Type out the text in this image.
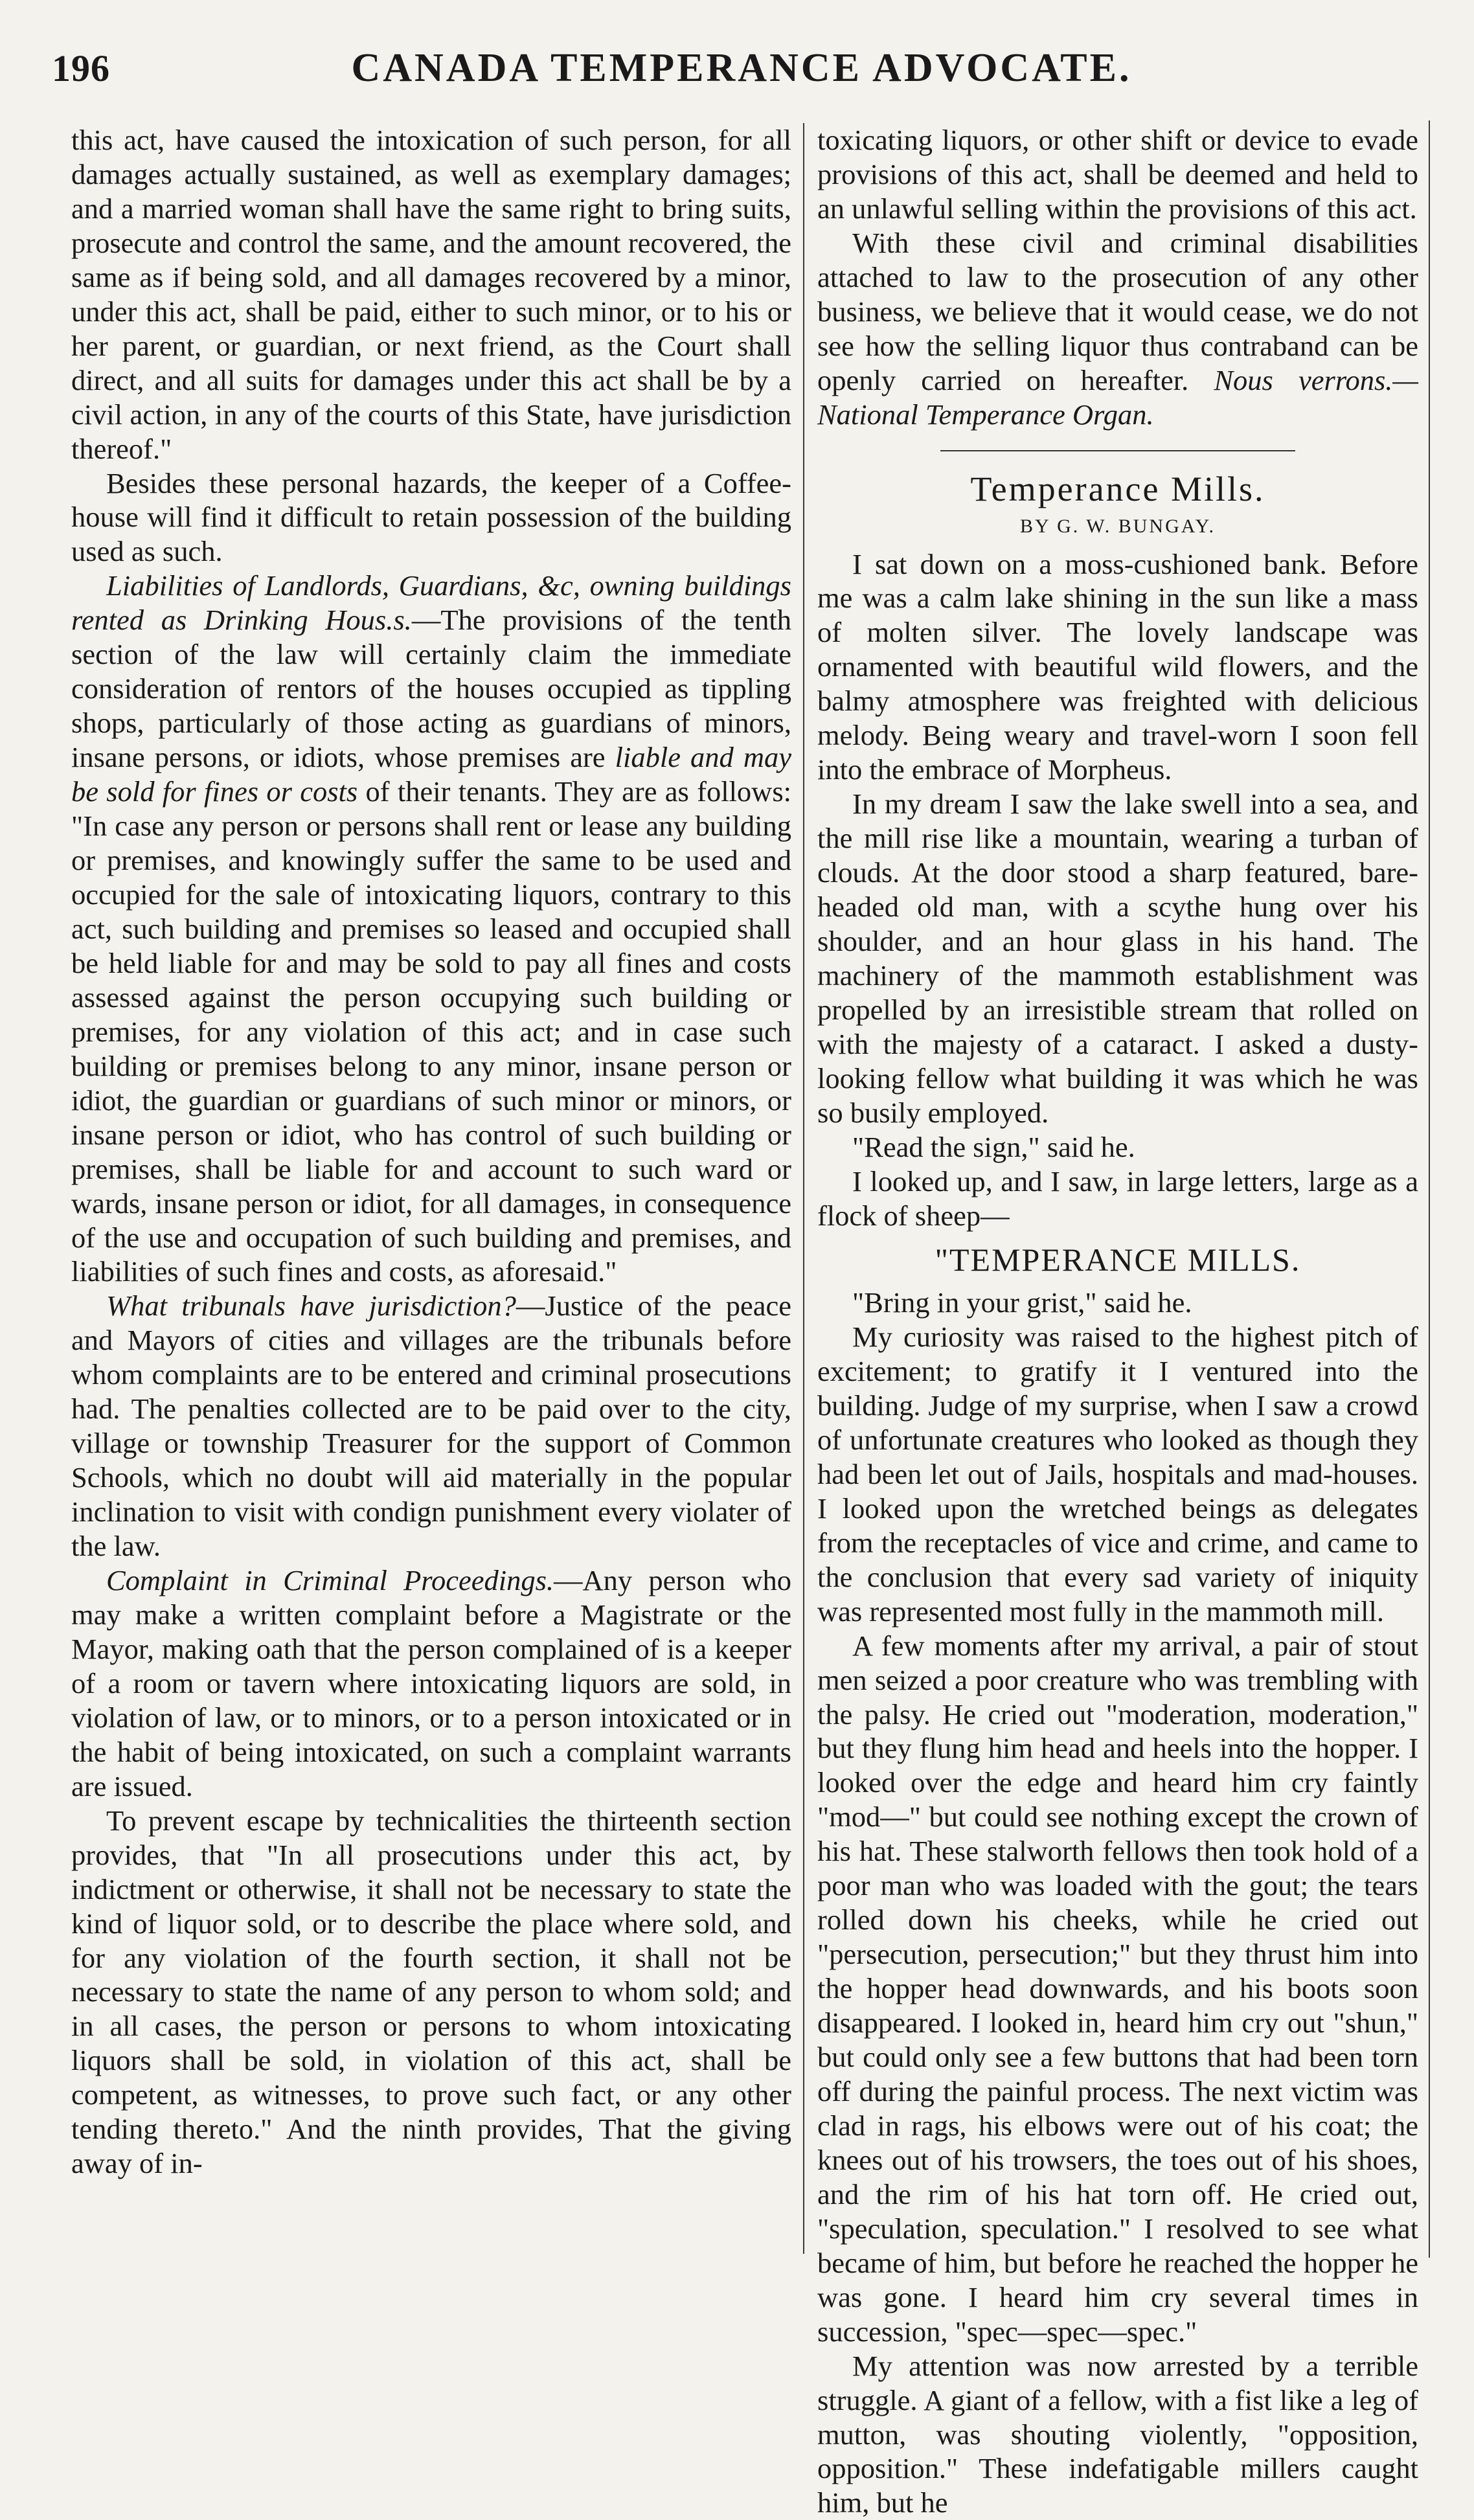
196	CANADA TEMPERANCE ADVOCATE.

this act, have caused the intoxication of such person, for all damages actually sustained, as well as exemplary damages; and a married woman shall have the same right to bring suits, prosecute and control the same, and the amount recovered, the same as if being sold, and all damages recovered by a minor, under this act, shall be paid, either to such minor, or to his or her parent, or guardian, or next friend, as the Court shall direct, and all suits for damages under this act shall be by a civil action, in any of the courts of this State, have jurisdiction thereof."

Besides these personal hazards, the keeper of a Coffee-house will find it difficult to retain possession of the building used as such.

Liabilities of Landlords, Guardians, &c, owning buildings rented as Drinking Hous.s.—The provisions of the tenth section of the law will certainly claim the immediate consideration of rentors of the houses occupied as tippling shops, particularly of those acting as guardians of minors, insane persons, or idiots, whose premises are liable and may be sold for fines or costs of their tenants. They are as follows: "In case any person or persons shall rent or lease any building or premises, and knowingly suffer the same to be used and occupied for the sale of intoxicating liquors, contrary to this act, such building and premises so leased and occupied shall be held liable for and may be sold to pay all fines and costs assessed against the person occupying such building or premises, for any violation of this act; and in case such building or premises belong to any minor, insane person or idiot, the guardian or guardians of such minor or minors, or insane person or idiot, who has control of such building or premises, shall be liable for and account to such ward or wards, insane person or idiot, for all damages, in consequence of the use and occupation of such building and premises, and liabilities of such fines and costs, as aforesaid."

What tribunals have jurisdiction?—Justice of the peace and Mayors of cities and villages are the tribunals before whom complaints are to be entered and criminal prosecutions had. The penalties collected are to be paid over to the city, village or township Treasurer for the support of Common Schools, which no doubt will aid materially in the popular inclination to visit with condign punishment every violater of the law.

Complaint in Criminal Proceedings.—Any person who may make a written complaint before a Magistrate or the Mayor, making oath that the person complained of is a keeper of a room or tavern where intoxicating liquors are sold, in violation of law, or to minors, or to a person intoxicated or in the habit of being intoxicated, on such a complaint warrants are issued.

To prevent escape by technicalities the thirteenth section provides, that "In all prosecutions under this act, by indictment or otherwise, it shall not be necessary to state the kind of liquor sold, or to describe the place where sold, and for any violation of the fourth section, it shall not be necessary to state the name of any person to whom sold; and in all cases, the person or persons to whom intoxicating liquors shall be sold, in violation of this act, shall be competent, as witnesses, to prove such fact, or any other tending thereto." And the ninth provides, That the giving away of in-

toxicating liquors, or other shift or device to evade provisions of this act, shall be deemed and held to an unlawful selling within the provisions of this act.

With these civil and criminal disabilities attached to law to the prosecution of any other business, we believe that it would cease, we do not see how the selling liquor thus contraband can be openly carried on hereafter. Nous verrons.—National Temperance Organ.

Temperance Mills.
BY G. W. BUNGAY.

I sat down on a moss-cushioned bank. Before me was a calm lake shining in the sun like a mass of molten silver. The lovely landscape was ornamented with beautiful wild flowers, and the balmy atmosphere was freighted with delicious melody. Being weary and travel-worn I soon fell into the embrace of Morpheus.

In my dream I saw the lake swell into a sea, and the mill rise like a mountain, wearing a turban of clouds. At the door stood a sharp featured, bare-headed old man, with a scythe hung over his shoulder, and an hour glass in his hand. The machinery of the mammoth establishment was propelled by an irresistible stream that rolled on with the majesty of a cataract. I asked a dusty-looking fellow what building it was which he was so busily employed.

"Read the sign," said he.

I looked up, and I saw, in large letters, large as a flock of sheep—

"TEMPERANCE MILLS.

"Bring in your grist," said he.

My curiosity was raised to the highest pitch of excitement; to gratify it I ventured into the building. Judge of my surprise, when I saw a crowd of unfortunate creatures who looked as though they had been let out of Jails, hospitals and mad-houses. I looked upon the wretched beings as delegates from the receptacles of vice and crime, and came to the conclusion that every sad variety of iniquity was represented most fully in the mammoth mill.

A few moments after my arrival, a pair of stout men seized a poor creature who was trembling with the palsy. He cried out "moderation, moderation," but they flung him head and heels into the hopper. I looked over the edge and heard him cry faintly "mod—" but could see nothing except the crown of his hat. These stalworth fellows then took hold of a poor man who was loaded with the gout; the tears rolled down his cheeks, while he cried out "persecution, persecution;" but they thrust him into the hopper head downwards, and his boots soon disappeared. I looked in, heard him cry out "shun," but could only see a few buttons that had been torn off during the painful process. The next victim was clad in rags, his elbows were out of his coat; the knees out of his trowsers, the toes out of his shoes, and the rim of his hat torn off. He cried out, "speculation, speculation." I resolved to see what became of him, but before he reached the hopper he was gone. I heard him cry several times in succession, "spec—spec—spec."

My attention was now arrested by a terrible struggle. A giant of a fellow, with a fist like a leg of mutton, was shouting violently, "opposition, opposition." These indefatigable millers caught him, but he
